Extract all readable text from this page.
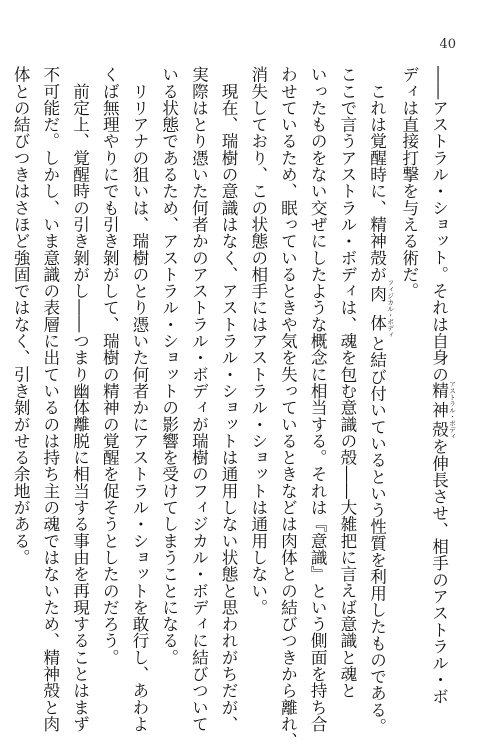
40
――アストラル・ショット。それは自身の精神殻 アストラル・ボディを伸長させ、相手のアストラル・ボ
ディは直接打撃を与える術だ。
　これは覚醒時に、精神殻が肉体 フィジカル・ボディと結び付いているという性質を利用したものである。
ここで言うアストラル・ボディは、魂を包む意識の殻――大雑把に言えば意識と魂と
いったものをない交ぜにしたような概念に相当する。それは『意識』という側面を持ち合
わせているため、眠っているときや気を失っているときなどは肉体との結びつきから離れ、
消失しており、この状態の相手にはアストラル・ショットは通用しない。
　現在、瑞樹の意識はなく、アストラル・ショットは通用しない状態と思われがちだが、
実際はとり憑いた何者かのアストラル・ボディが瑞樹のフィジカル・ボディに結びついて
いる状態であるため、アストラル・ショットの影響を受けてしまうことになる。
　リリアナの狙いは、瑞樹のとり憑いた何者かにアストラル・ショットを敢行し、あわよ
くば無理やりにでも引き剝がして、瑞樹の精神の覚醒を促そうとしたのだろう。
　前定上、覚醒時の引き剝がし――つまり幽体離脱に相当する事由を再現することはまず
不可能だ。しかし、いま意識の表層に出ているのは持ち主の魂ではないため、精神殻と肉
体との結びつきはさほど強固ではなく、引き剝がせる余地がある。
